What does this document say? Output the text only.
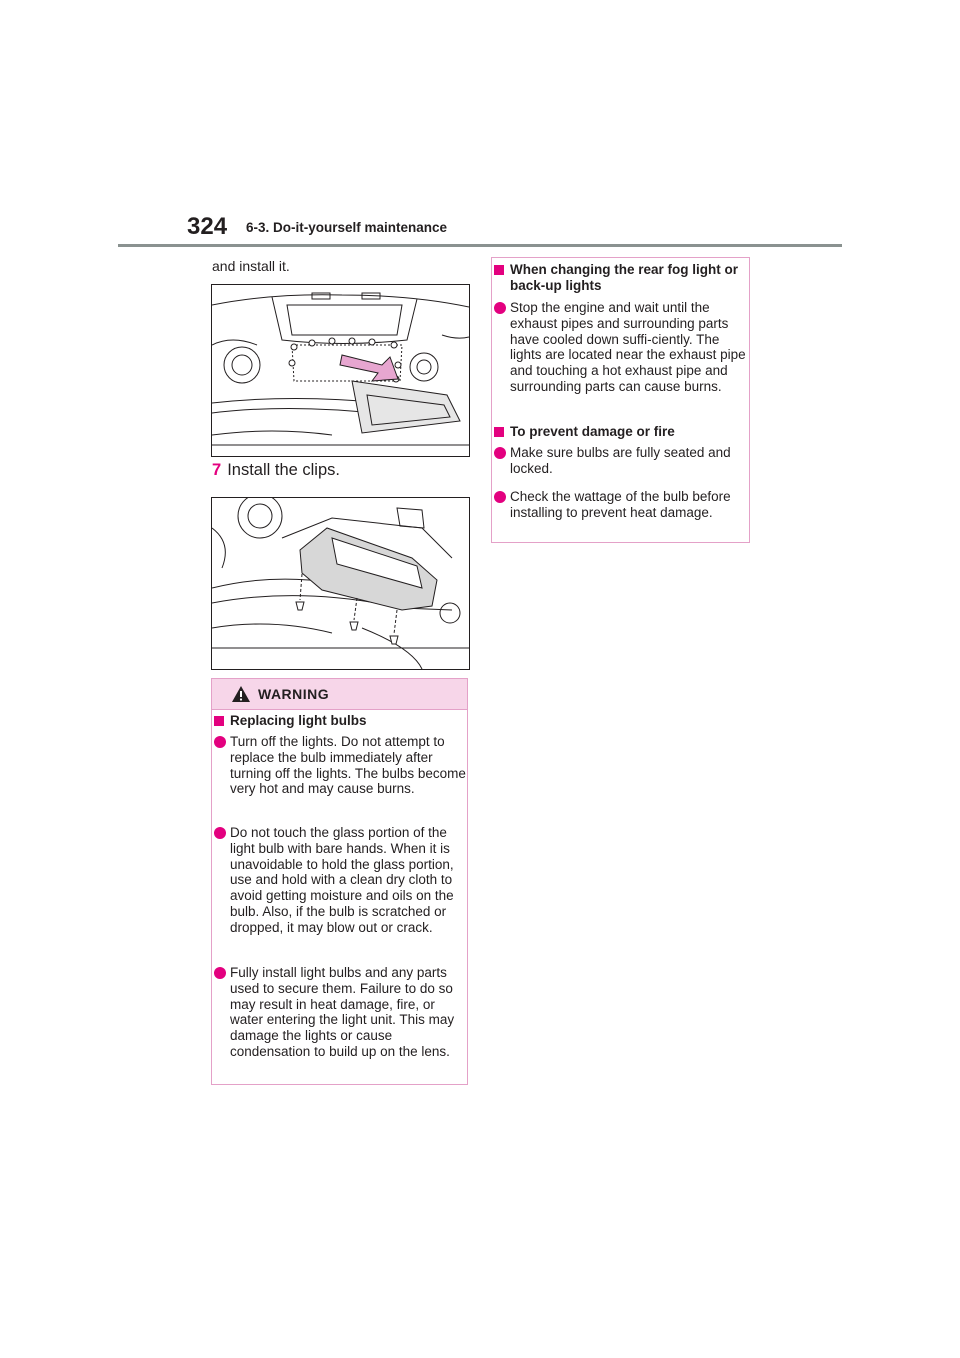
324 6-3. Do-it-yourself maintenance
and install it.
7 Install the clips.
WARNING
Replacing light bulbs
Turn off the lights. Do not attempt to replace the bulb immediately after turning off the lights. The bulbs become very hot and may cause burns.
Do not touch the glass portion of the light bulb with bare hands. When it is unavoidable to hold the glass portion, use and hold with a clean dry cloth to avoid getting moisture and oils on the bulb. Also, if the bulb is scratched or dropped, it may blow out or crack.
Fully install light bulbs and any parts used to secure them. Failure to do so may result in heat damage, fire, or water entering the light unit. This may damage the lights or cause condensation to build up on the lens.
When changing the rear fog light or back-up lights
Stop the engine and wait until the exhaust pipes and surrounding parts have cooled down suffi-ciently. The lights are located near the exhaust pipe and touching a hot exhaust pipe and surrounding parts can cause burns.
To prevent damage or fire
Make sure bulbs are fully seated and locked.
Check the wattage of the bulb before installing to prevent heat damage.
